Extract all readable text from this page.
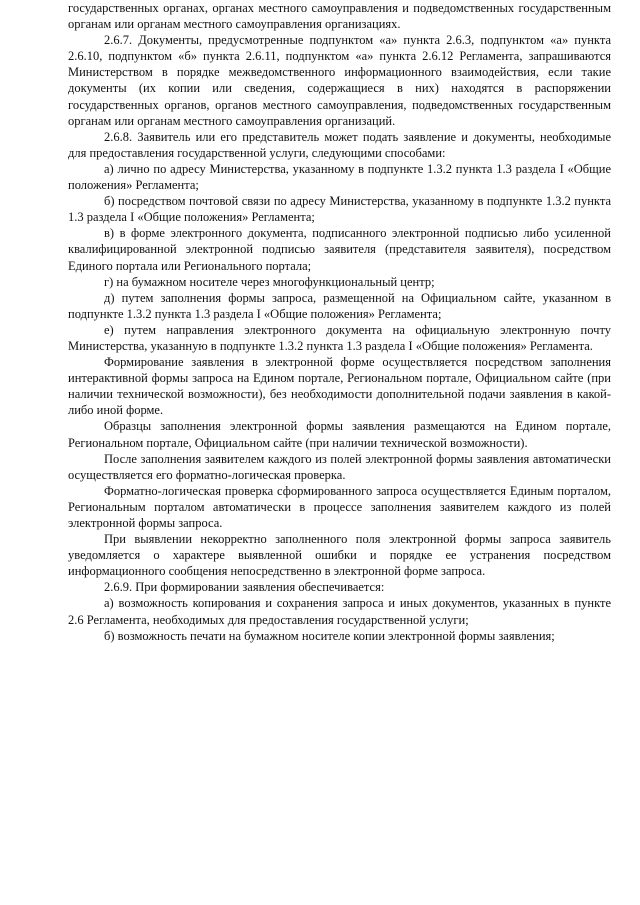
государственных органах, органах местного самоуправления и подведомственных государственным органам или органам местного самоуправления организациях.

2.6.7. Документы, предусмотренные подпунктом «а» пункта 2.6.3, подпунктом «а» пункта 2.6.10, подпунктом «б» пункта 2.6.11, подпунктом «а» пункта 2.6.12 Регламента, запрашиваются Министерством в порядке межведомственного информационного взаимодействия, если такие документы (их копии или сведения, содержащиеся в них) находятся в распоряжении государственных органов, органов местного самоуправления, подведомственных государственным органам или органам местного самоуправления организаций.

2.6.8. Заявитель или его представитель может подать заявление и документы, необходимые для предоставления государственной услуги, следующими способами:

а) лично по адресу Министерства, указанному в подпункте 1.3.2 пункта 1.3 раздела I «Общие положения» Регламента;

б) посредством почтовой связи по адресу Министерства, указанному в подпункте 1.3.2 пункта 1.3 раздела I «Общие положения» Регламента;

в) в форме электронного документа, подписанного электронной подписью либо усиленной квалифицированной электронной подписью заявителя (представителя заявителя), посредством Единого портала или Регионального портала;

г) на бумажном носителе через многофункциональный центр;

д) путем заполнения формы запроса, размещенной на Официальном сайте, указанном в подпункте 1.3.2 пункта 1.3 раздела I «Общие положения» Регламента;

е) путем направления электронного документа на официальную электронную почту Министерства, указанную в подпункте 1.3.2 пункта 1.3 раздела I «Общие положения» Регламента.

Формирование заявления в электронной форме осуществляется посредством заполнения интерактивной формы запроса на Едином портале, Региональном портале, Официальном сайте (при наличии технической возможности), без необходимости дополнительной подачи заявления в какой-либо иной форме.

Образцы заполнения электронной формы заявления размещаются на Едином портале, Региональном портале, Официальном сайте (при наличии технической возможности).

После заполнения заявителем каждого из полей электронной формы заявления автоматически осуществляется его форматно-логическая проверка.

Форматно-логическая проверка сформированного запроса осуществляется Единым порталом, Региональным порталом автоматически в процессе заполнения заявителем каждого из полей электронной формы запроса.

При выявлении некорректно заполненного поля электронной формы запроса заявитель уведомляется о характере выявленной ошибки и порядке ее устранения посредством информационного сообщения непосредственно в электронной форме запроса.

2.6.9. При формировании заявления обеспечивается:

а) возможность копирования и сохранения запроса и иных документов, указанных в пункте 2.6 Регламента, необходимых для предоставления государственной услуги;

б) возможность печати на бумажном носителе копии электронной формы заявления;
